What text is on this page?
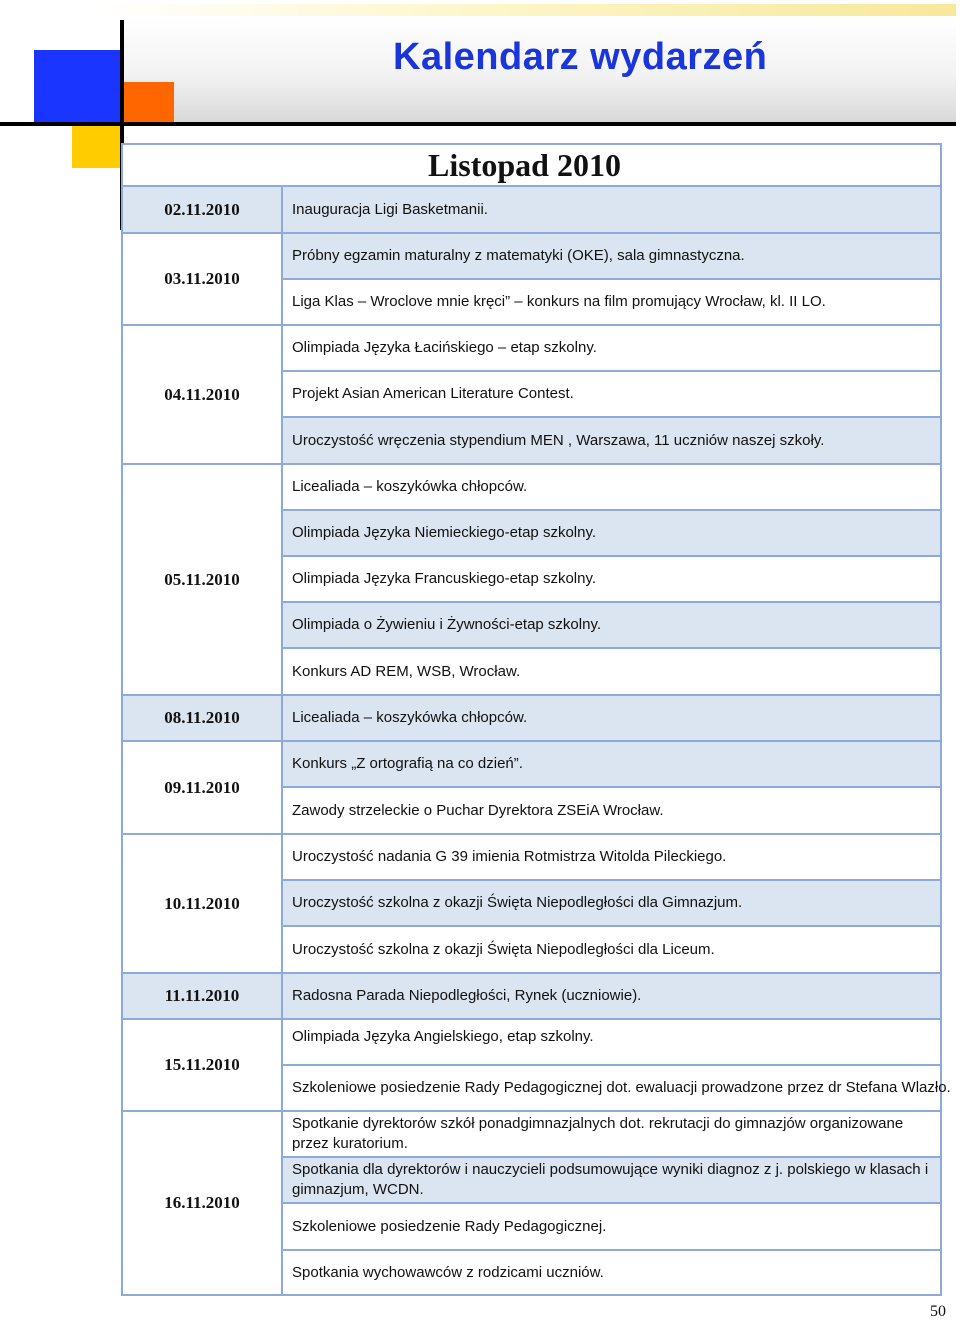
Kalendarz wydarzeń
Listopad 2010
02.11.2010
03.11.2010
04.11.2010
05.11.2010
08.11.2010
09.11.2010
10.11.2010
11.11.2010
15.11.2010
16.11.2010
Inauguracja Ligi Basketmanii.
Próbny egzamin maturalny z matematyki (OKE), sala gimnastyczna.
Liga Klas – Wroclove mnie kręci” – konkurs na film promujący Wrocław, kl. II LO.
Olimpiada Języka Łacińskiego – etap szkolny.
Projekt Asian American Literature Contest.
Uroczystość wręczenia stypendium MEN , Warszawa, 11 uczniów naszej szkoły.
Licealiada – koszykówka chłopców.
Olimpiada Języka Niemieckiego-etap szkolny.
Olimpiada Języka Francuskiego-etap szkolny.
Olimpiada o Żywieniu i Żywności-etap szkolny.
Konkurs AD REM, WSB, Wrocław.
Licealiada – koszykówka chłopców.
Konkurs „Z ortografią na co dzień”.
Zawody strzeleckie o Puchar Dyrektora ZSEiA Wrocław.
Uroczystość nadania G 39 imienia Rotmistrza Witolda Pileckiego.
Uroczystość szkolna z okazji Święta Niepodległości dla Gimnazjum.
Uroczystość szkolna z okazji Święta Niepodległości dla Liceum.
Radosna Parada Niepodległości, Rynek (uczniowie).
Olimpiada Języka Angielskiego, etap szkolny.
Szkoleniowe posiedzenie Rady Pedagogicznej dot. ewaluacji prowadzone przez dr Stefana Wlazło.
Spotkanie dyrektorów szkół ponadgimnazjalnych dot. rekrutacji do gimnazjów organizowane przez kuratorium.
Spotkania dla dyrektorów i nauczycieli podsumowujące wyniki diagnoz z j. polskiego w klasach i gimnazjum, WCDN.
Szkoleniowe posiedzenie Rady Pedagogicznej.
Spotkania wychowawców z rodzicami uczniów.
50
